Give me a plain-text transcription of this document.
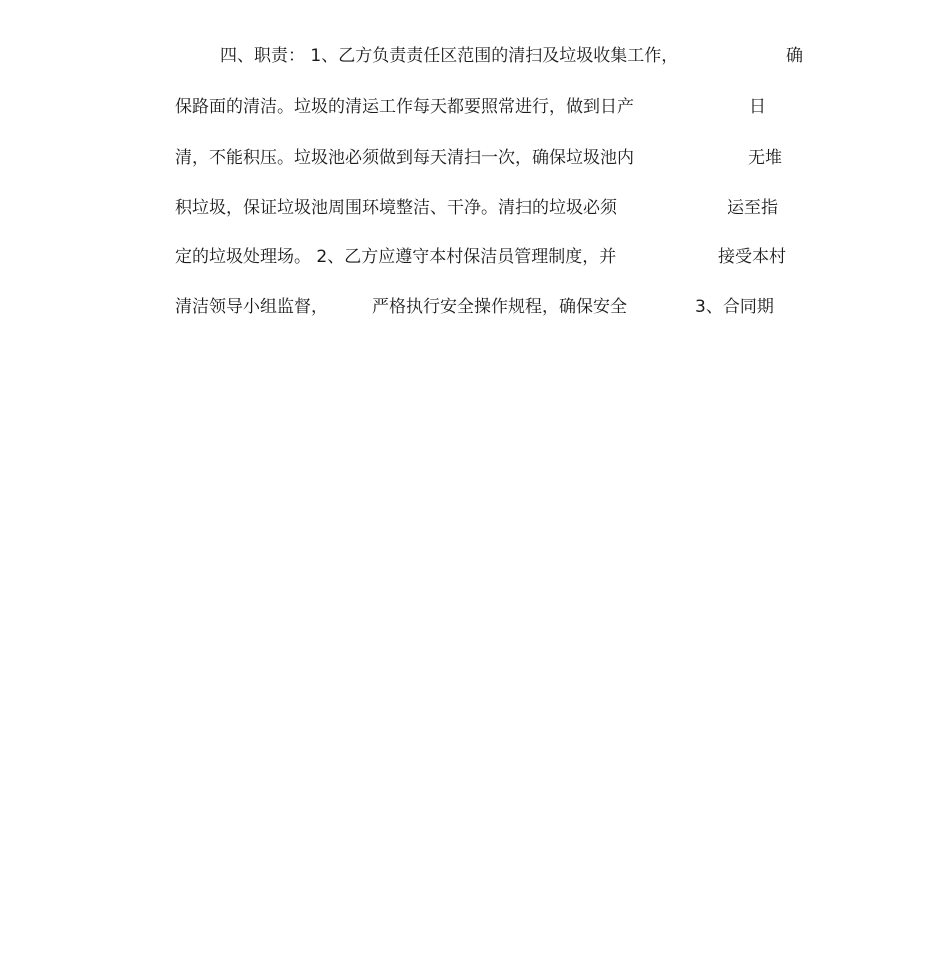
四、职责： 1、乙方负责责任区范围的清扫及垃圾收集工作，	确
保路面的清洁。垃圾的清运工作每天都要照常进行，做到日产	日
清，不能积压。垃圾池必须做到每天清扫一次，确保垃圾池内	无堆
积垃圾，保证垃圾池周围环境整洁、干净。清扫的垃圾必须	运至指
定的垃圾处理场。 2、乙方应遵守本村保洁员管理制度，并	接受本村
清洁领导小组监督，	严格执行安全操作规程，确保安全	3、合同期
